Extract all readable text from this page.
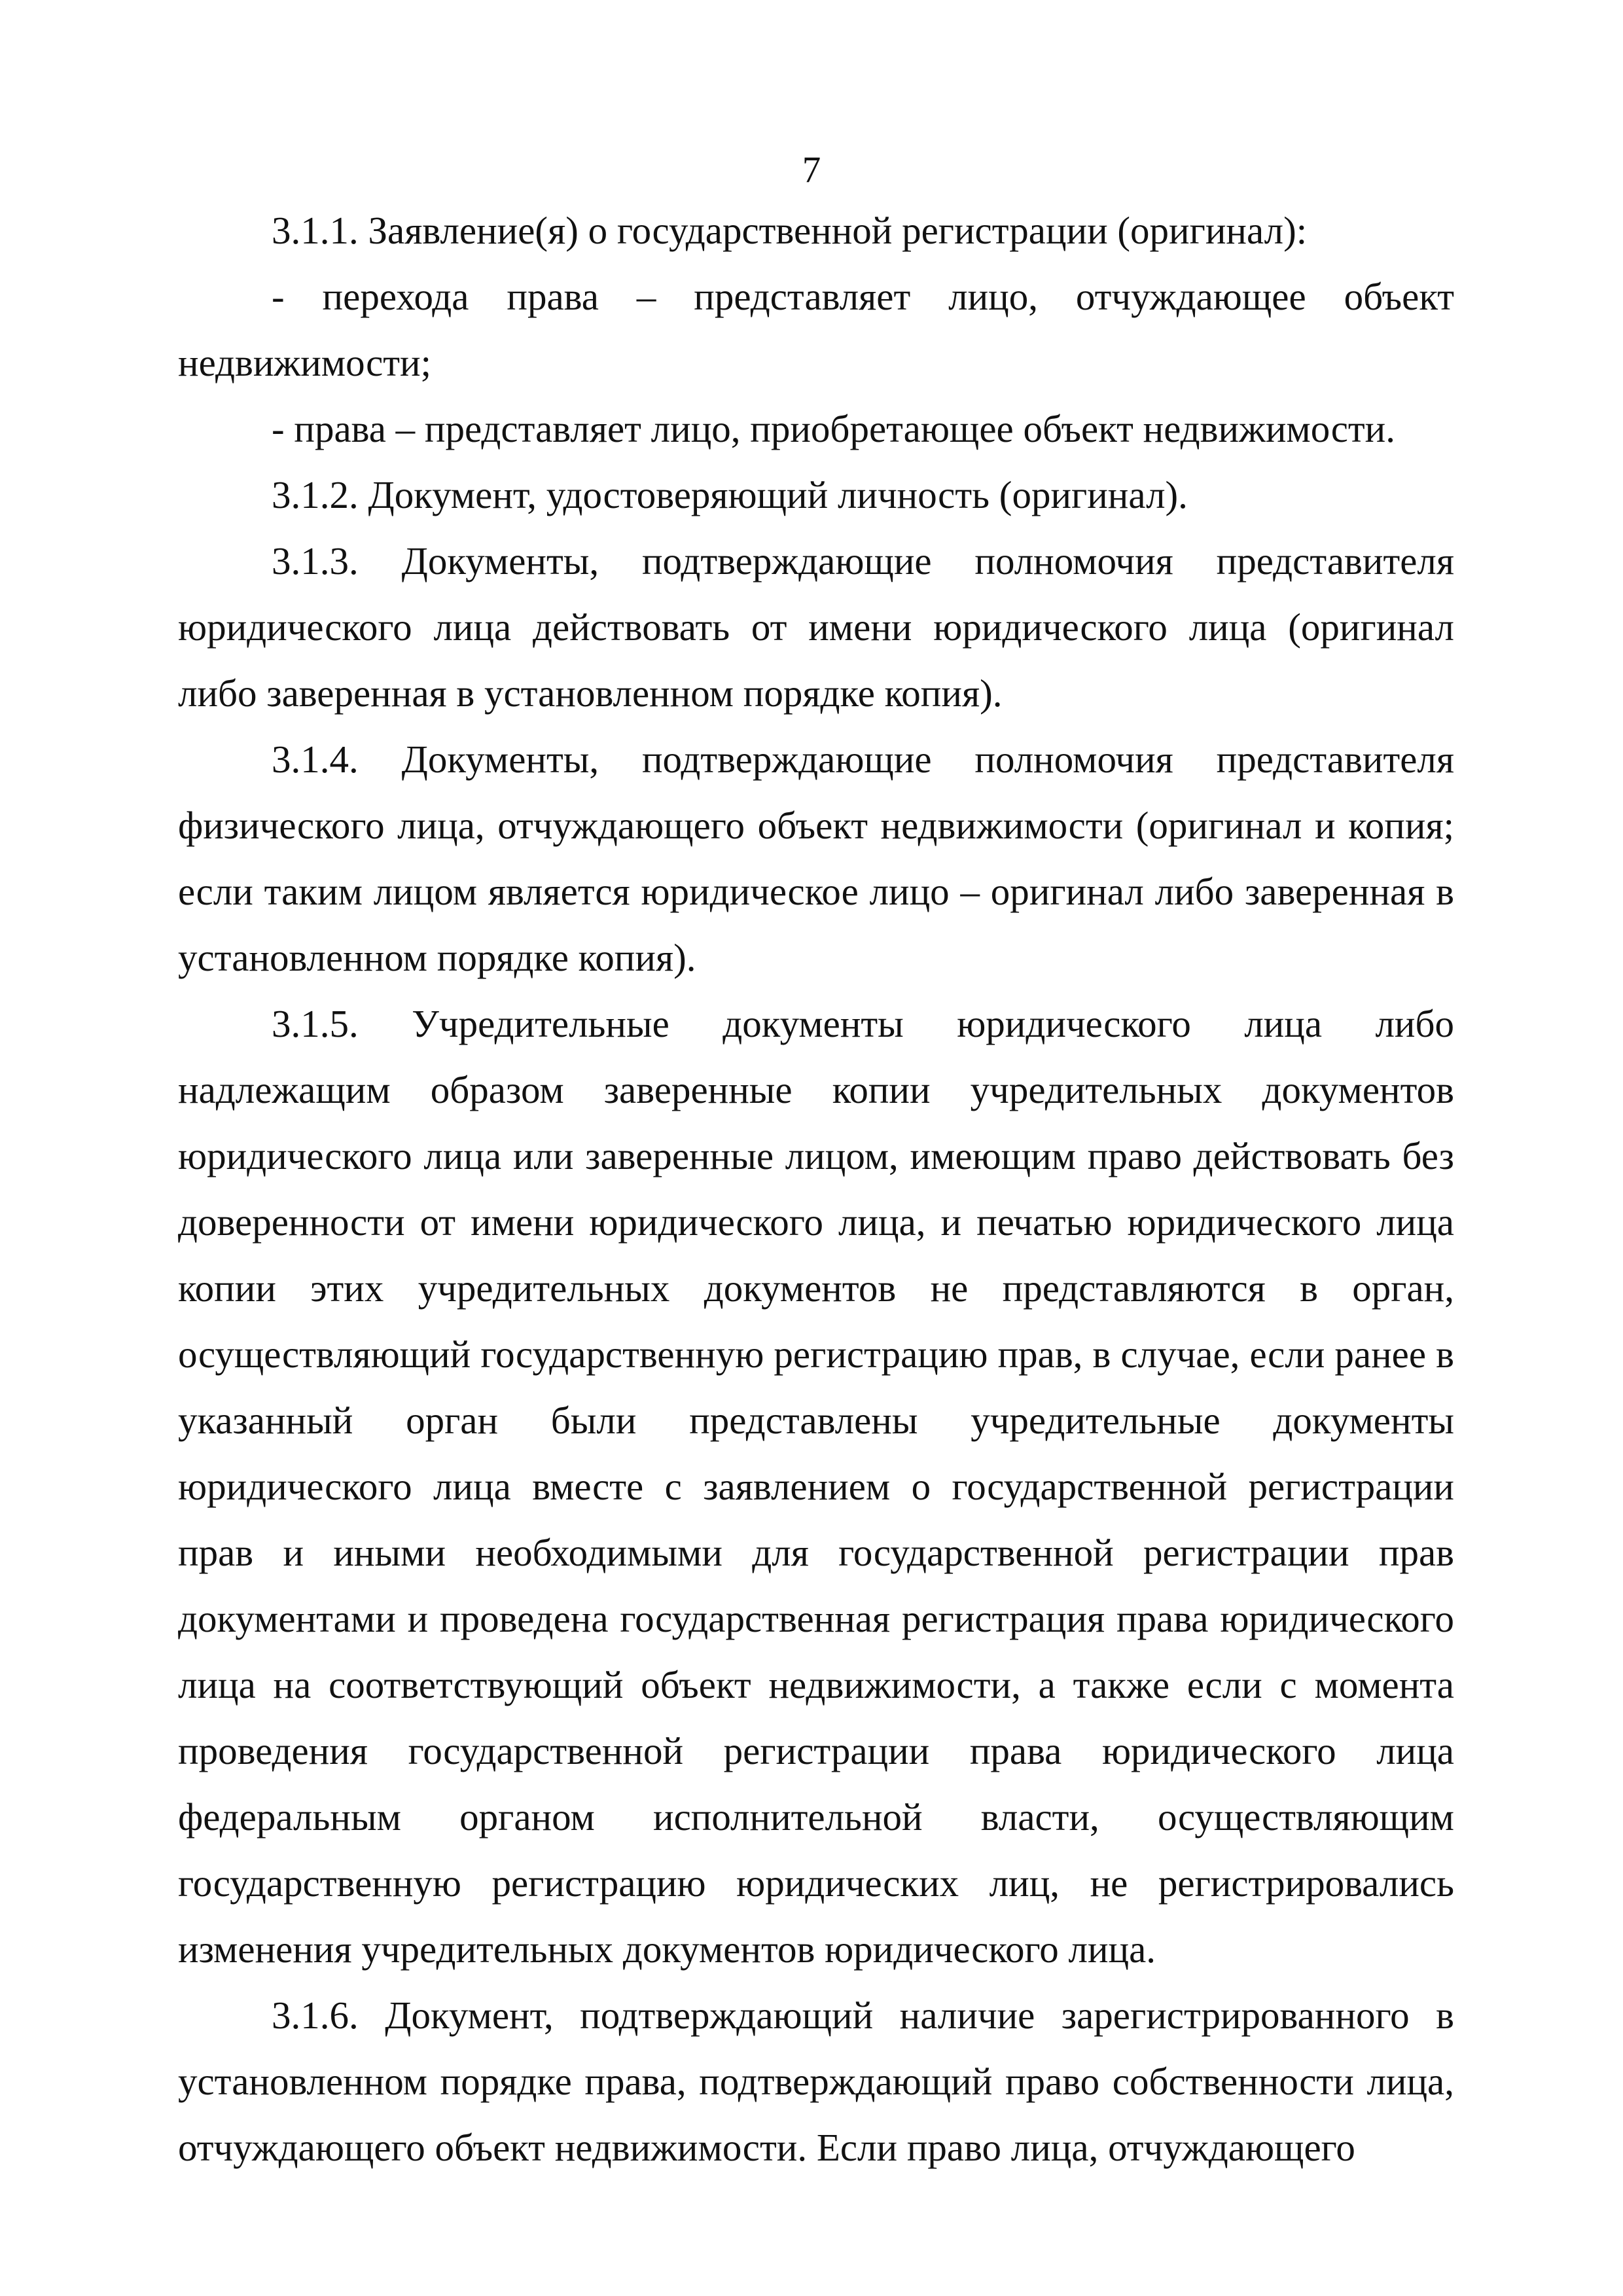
7

3.1.1. Заявление(я) о государственной регистрации (оригинал):

- перехода права – представляет лицо, отчуждающее объект недвижимости;

- права – представляет лицо, приобретающее объект недвижимости.

3.1.2. Документ, удостоверяющий личность (оригинал).

3.1.3. Документы, подтверждающие полномочия представителя юридического лица действовать от имени юридического лица (оригинал либо заверенная в установленном порядке копия).

3.1.4. Документы, подтверждающие полномочия представителя физического лица, отчуждающего объект недвижимости (оригинал и копия; если таким лицом является юридическое лицо – оригинал либо заверенная в установленном порядке копия).

3.1.5. Учредительные документы юридического лица либо надлежащим образом заверенные копии учредительных документов юридического лица или заверенные лицом, имеющим право действовать без доверенности от имени юридического лица, и печатью юридического лица копии этих учредительных документов не представляются в орган, осуществляющий государственную регистрацию прав, в случае, если ранее в указанный орган были представлены учредительные документы юридического лица вместе с заявлением о государственной регистрации прав и иными необходимыми для государственной регистрации прав документами и проведена государственная регистрация права юридического лица на соответствующий объект недвижимости, а также если с момента проведения государственной регистрации права юридического лица федеральным органом исполнительной власти, осуществляющим государственную регистрацию юридических лиц, не регистрировались изменения учредительных документов юридического лица.

3.1.6. Документ, подтверждающий наличие зарегистрированного в установленном порядке права, подтверждающий право собственности лица, отчуждающего объект недвижимости. Если право лица, отчуждающего
